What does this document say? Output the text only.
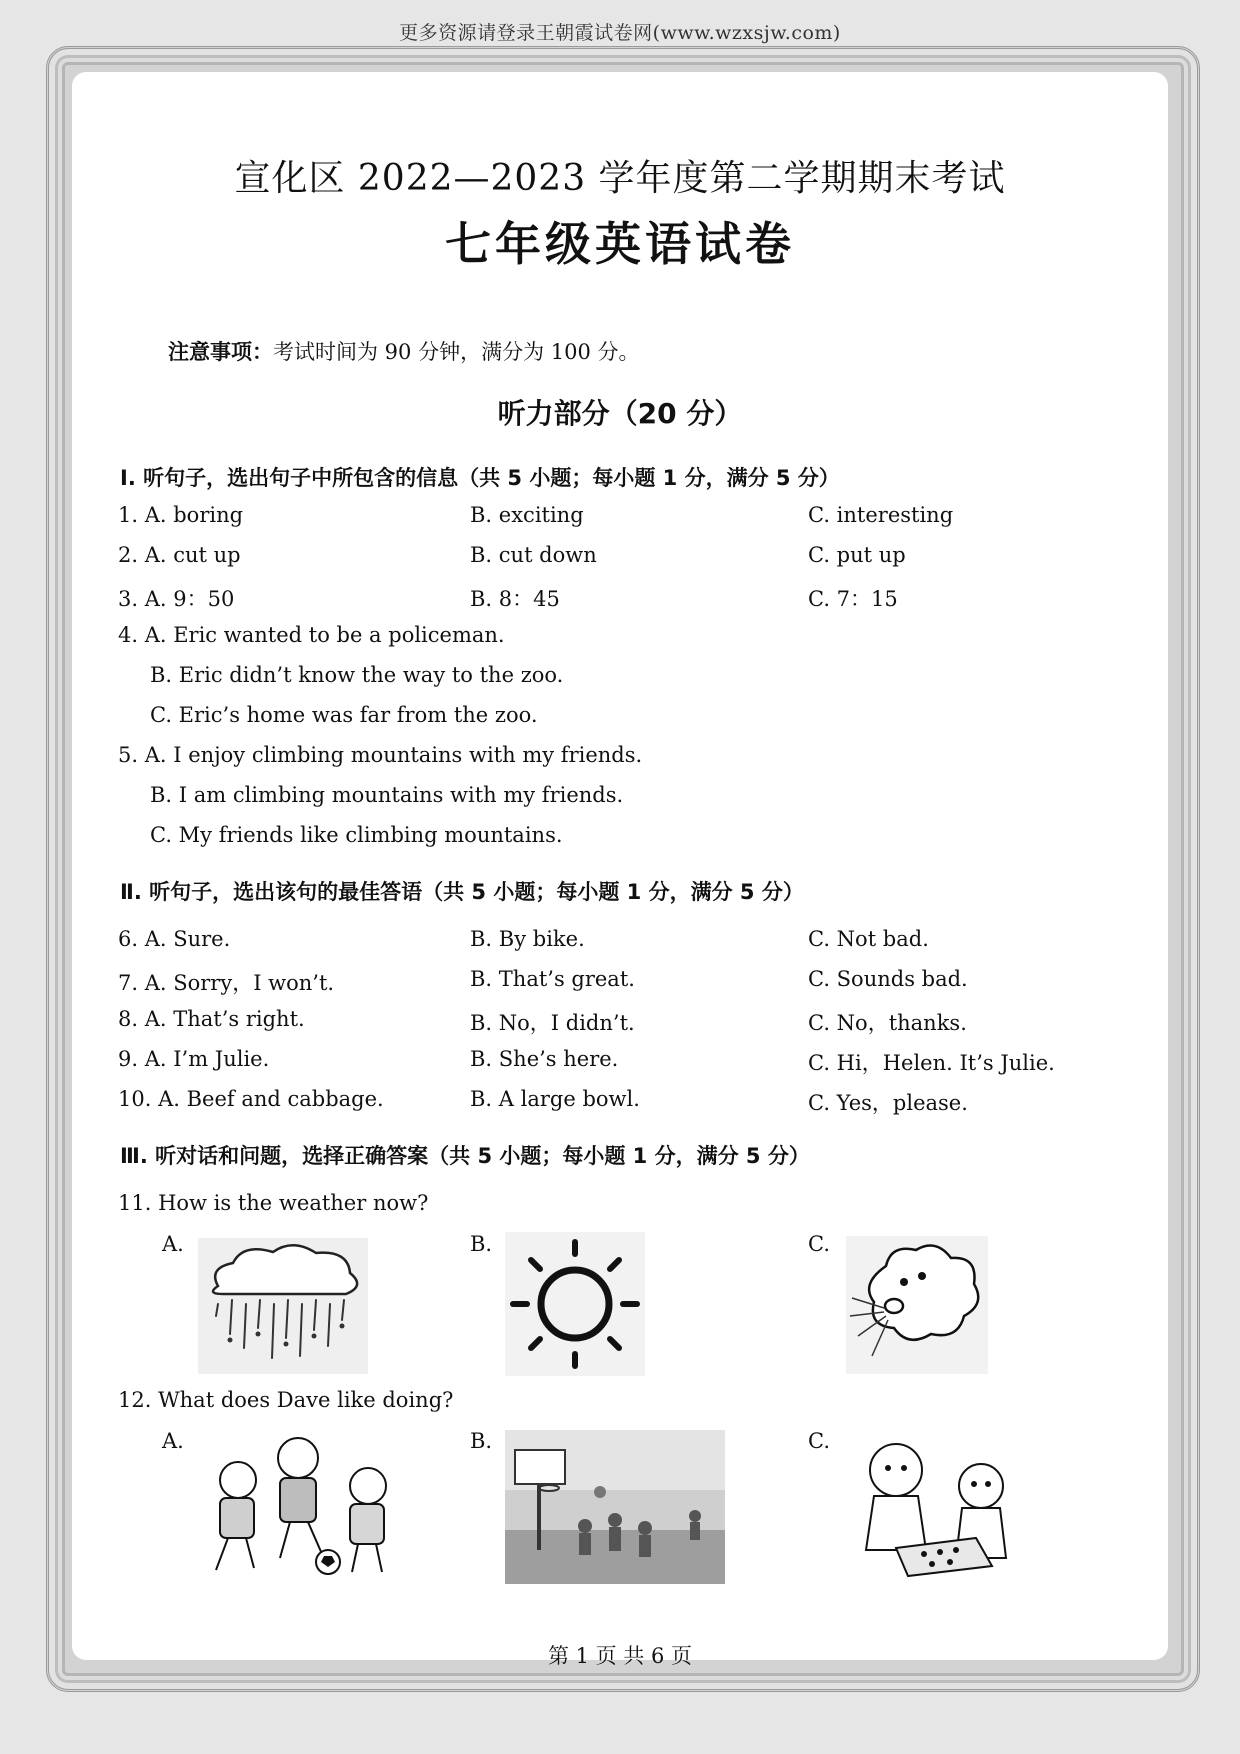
更多资源请登录王朝霞试卷网(www.wzxsjw.com)
宣化区 2022—2023 学年度第二学期期末考试
七年级英语试卷
注意事项：考试时间为 90 分钟，满分为 100 分。
听力部分（20 分）
Ⅰ. 听句子，选出句子中所包含的信息（共 5 小题；每小题 1 分，满分 5 分）
1. A. boring	B. exciting	C. interesting
2. A. cut up	B. cut down	C. put up
3. A. 9：50	B. 8：45	C. 7：15
4. A. Eric wanted to be a policeman.
B. Eric didn’t know the way to the zoo.
C. Eric’s home was far from the zoo.
5. A. I enjoy climbing mountains with my friends.
B. I am climbing mountains with my friends.
C. My friends like climbing mountains.
Ⅱ. 听句子，选出该句的最佳答语（共 5 小题；每小题 1 分，满分 5 分）
6. A. Sure.	B. By bike.	C. Not bad.
7. A. Sorry，I won’t.	B. That’s great.	C. Sounds bad.
8. A. That’s right.	B. No，I didn’t.	C. No，thanks.
9. A. I’m Julie.	B. She’s here.	C. Hi，Helen. It’s Julie.
10. A. Beef and cabbage.	B. A large bowl.	C. Yes，please.
Ⅲ. 听对话和问题，选择正确答案（共 5 小题；每小题 1 分，满分 5 分）
11. How is the weather now?
A.	B.	C.
12. What does Dave like doing?
A.	B.	C.
第 1 页 共 6 页
